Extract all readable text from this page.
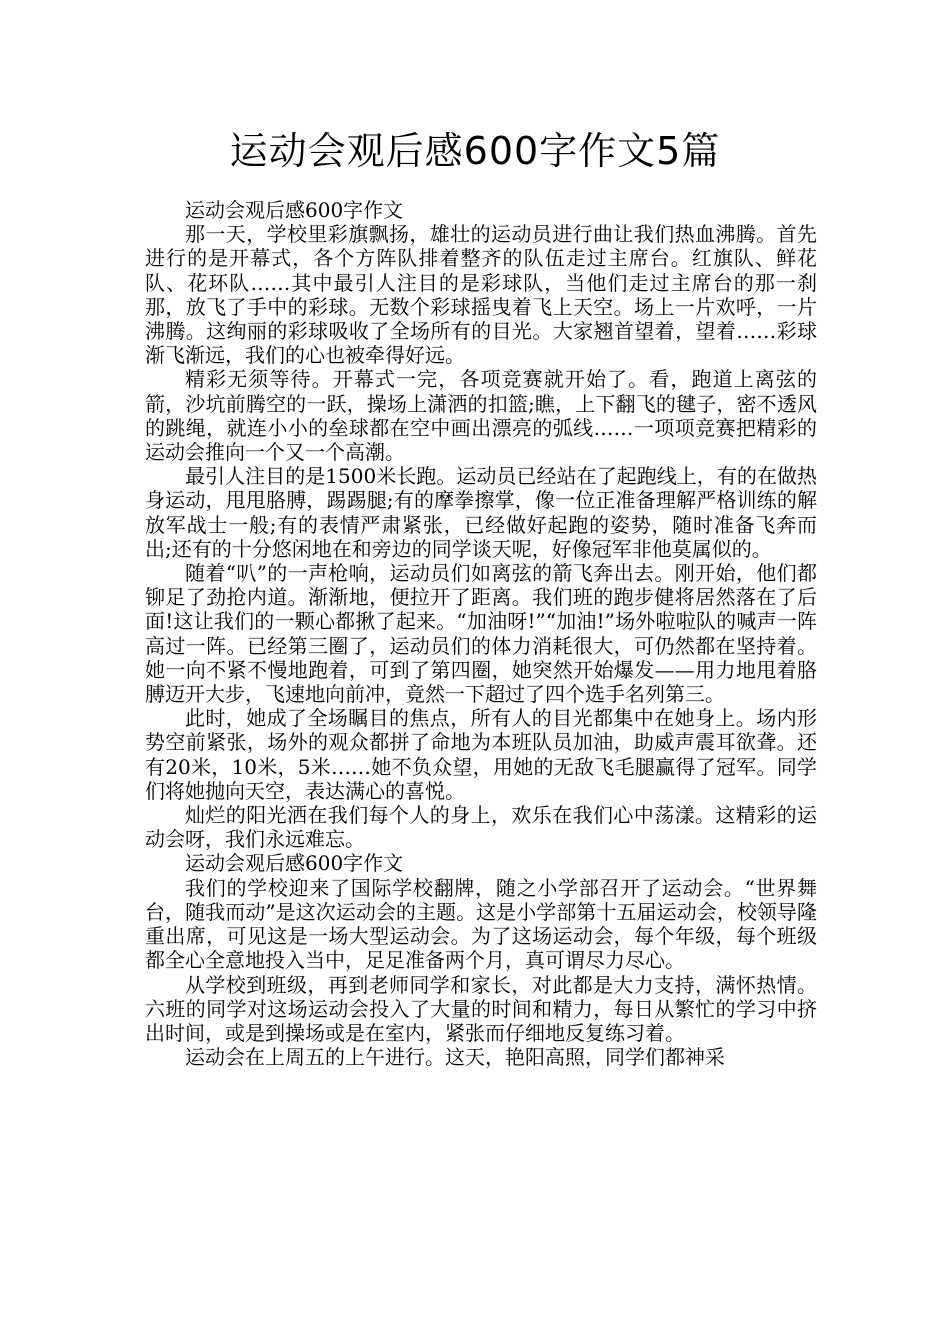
运动会观后感600字作文5篇

运动会观后感600字作文

那一天，学校里彩旗飘扬，雄壮的运动员进行曲让我们热血沸腾。首先进行的是开幕式，各个方阵队排着整齐的队伍走过主席台。红旗队、鲜花队、花环队……其中最引人注目的是彩球队，当他们走过主席台的那一刹那，放飞了手中的彩球。无数个彩球摇曳着飞上天空。场上一片欢呼，一片沸腾。这绚丽的彩球吸收了全场所有的目光。大家翘首望着，望着……彩球渐飞渐远，我们的心也被牵得好远。

精彩无须等待。开幕式一完，各项竞赛就开始了。看，跑道上离弦的箭，沙坑前腾空的一跃，操场上潇洒的扣篮;瞧，上下翻飞的毽子，密不透风的跳绳，就连小小的垒球都在空中画出漂亮的弧线……一项项竞赛把精彩的运动会推向一个又一个高潮。

最引人注目的是1500米长跑。运动员已经站在了起跑线上，有的在做热身运动，甩甩胳膊，踢踢腿;有的摩拳擦掌，像一位正准备理解严格训练的解放军战士一般;有的表情严肃紧张，已经做好起跑的姿势，随时准备飞奔而出;还有的十分悠闲地在和旁边的同学谈天呢，好像冠军非他莫属似的。

随着“叭”的一声枪响，运动员们如离弦的箭飞奔出去。刚开始，他们都铆足了劲抢内道。渐渐地，便拉开了距离。我们班的跑步健将居然落在了后面!这让我们的一颗心都揪了起来。“加油呀!”“加油!”场外啦啦队的喊声一阵高过一阵。已经第三圈了，运动员们的体力消耗很大，可仍然都在坚持着。她一向不紧不慢地跑着，可到了第四圈，她突然开始爆发——用力地甩着胳膊迈开大步，飞速地向前冲，竟然一下超过了四个选手名列第三。

此时，她成了全场瞩目的焦点，所有人的目光都集中在她身上。场内形势空前紧张，场外的观众都拼了命地为本班队员加油，助威声震耳欲聋。还有20米，10米，5米……她不负众望，用她的无敌飞毛腿赢得了冠军。同学们将她抛向天空，表达满心的喜悦。

灿烂的阳光洒在我们每个人的身上，欢乐在我们心中荡漾。这精彩的运动会呀，我们永远难忘。

运动会观后感600字作文

我们的学校迎来了国际学校翻牌，随之小学部召开了运动会。“世界舞台，随我而动”是这次运动会的主题。这是小学部第十五届运动会，校领导隆重出席，可见这是一场大型运动会。为了这场运动会，每个年级，每个班级都全心全意地投入当中，足足准备两个月，真可谓尽力尽心。

从学校到班级，再到老师同学和家长，对此都是大力支持，满怀热情。六班的同学对这场运动会投入了大量的时间和精力，每日从繁忙的学习中挤出时间，或是到操场或是在室内，紧张而仔细地反复练习着。

运动会在上周五的上午进行。这天，艳阳高照，同学们都神采
